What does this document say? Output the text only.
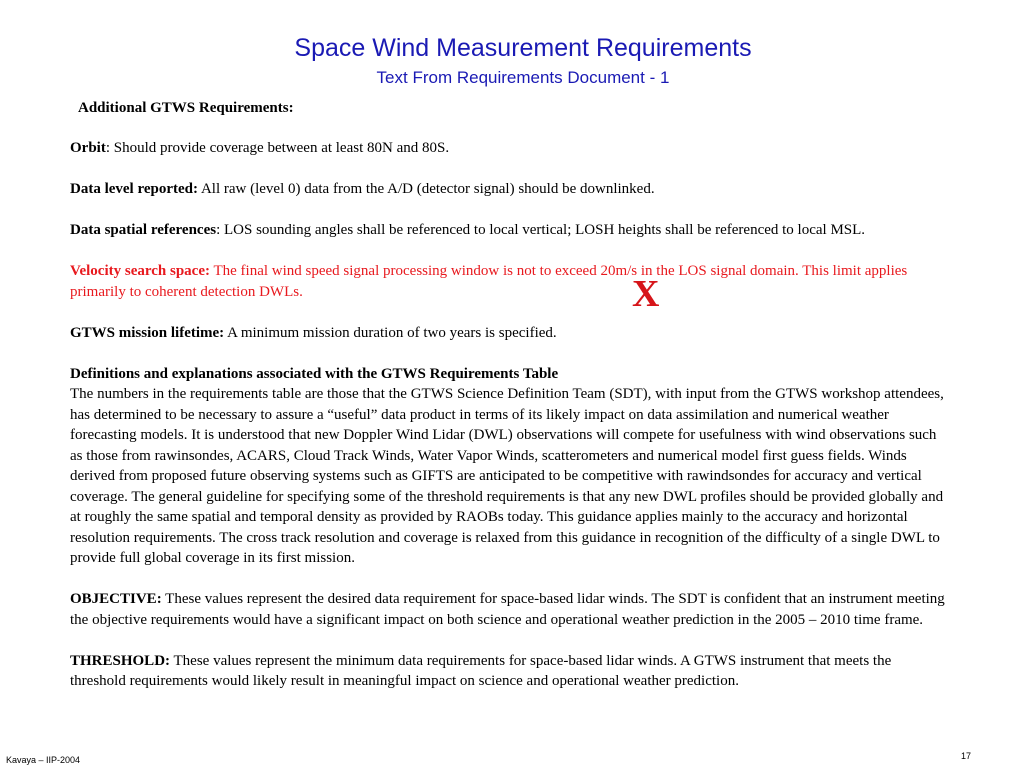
Space Wind Measurement Requirements
Text From Requirements Document - 1
Additional GTWS Requirements:

Orbit: Should provide coverage between at least 80N and 80S.

Data level reported: All raw (level 0) data from the A/D (detector signal) should be downlinked.

Data spatial references: LOS sounding angles shall be referenced to local vertical; LOSH heights shall be referenced to local MSL.

Velocity search space: The final wind speed signal processing window is not to exceed 20m/s in the LOS signal domain. This limit applies primarily to coherent detection DWLs.

GTWS mission lifetime: A minimum mission duration of two years is specified.

Definitions and explanations associated with the GTWS Requirements Table
The numbers in the requirements table are those that the GTWS Science Definition Team (SDT), with input from the GTWS workshop attendees, has determined to be necessary to assure a “useful” data product in terms of its likely impact on data assimilation and numerical weather forecasting models. It is understood that new Doppler Wind Lidar (DWL) observations will compete for usefulness with wind observations such as those from rawinsondes, ACARS, Cloud Track Winds, Water Vapor Winds, scatterometers and numerical model first guess fields. Winds derived from proposed future observing systems such as GIFTS are anticipated to be competitive with rawindsondes for accuracy and vertical coverage. The general guideline for specifying some of the threshold requirements is that any new DWL profiles should be provided globally and at roughly the same spatial and temporal density as provided by RAOBs today. This guidance applies mainly to the accuracy and horizontal resolution requirements. The cross track resolution and coverage is relaxed from this guidance in recognition of the difficulty of a single DWL to provide full global coverage in its first mission.

OBJECTIVE: These values represent the desired data requirement for space-based lidar winds. The SDT is confident that an instrument meeting the objective requirements would have a significant impact on both science and operational weather prediction in the 2005 – 2010 time frame.

THRESHOLD: These values represent the minimum data requirements for space-based lidar winds. A GTWS instrument that meets the threshold requirements would likely result in meaningful impact on science and operational weather prediction.

X
Kavaya – IIP-2004	17
